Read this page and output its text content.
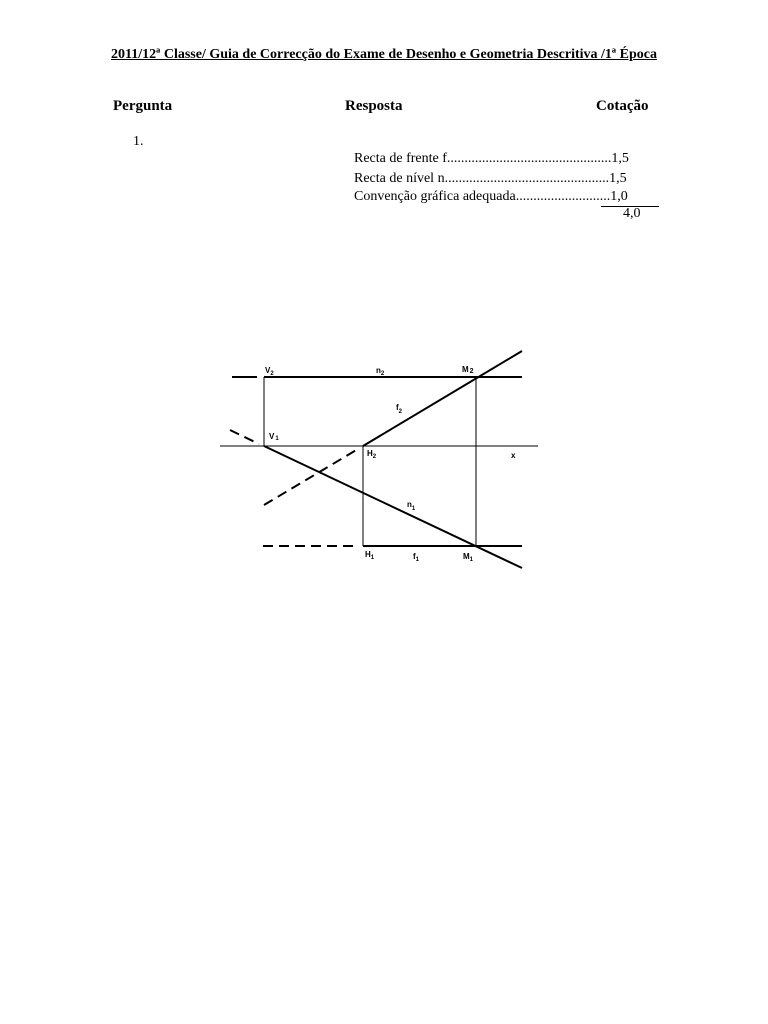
2011/12ª Classe/ Guia de Correcção do Exame de Desenho e Geometria Descritiva /1ª Época
Pergunta	Resposta	Cotação
1.
Recta de frente f...............................................1,5
Recta de nível n...............................................1,5
Convenção gráfica adequada...........................1,0
4,0
$V_2$	$n_2$	M2
$f_2$
V1
$H_2$	x
$n_1$
$H_1$	$f_1$	$M_1$
